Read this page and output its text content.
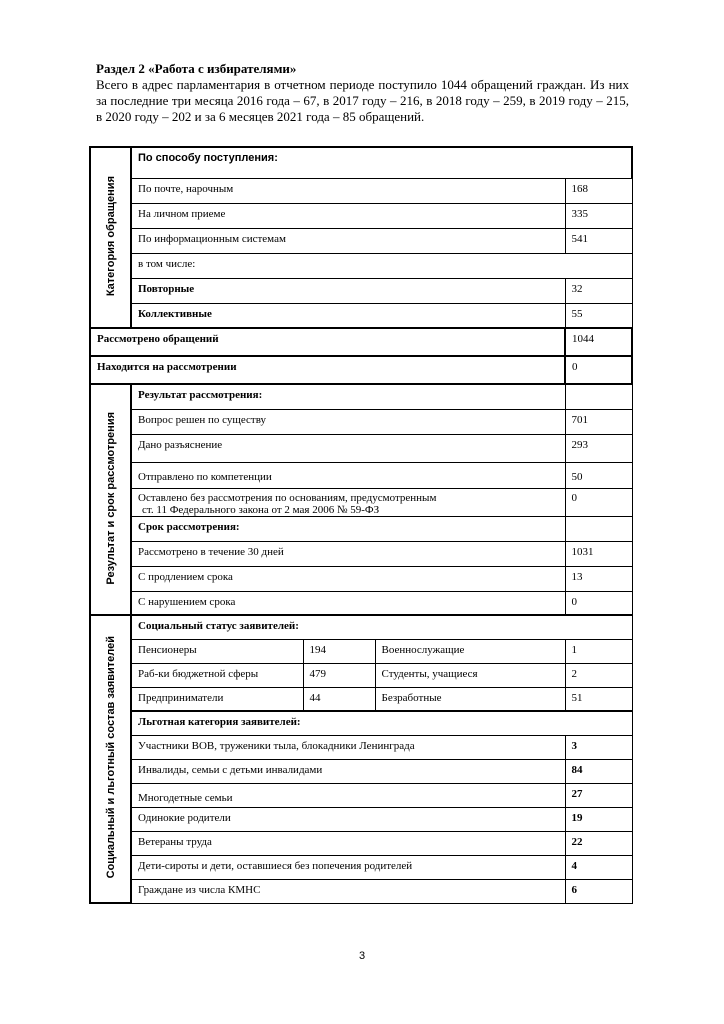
Раздел 2 «Работа с избирателями»
Всего в адрес парламентария в отчетном периоде поступило 1044 обращений граждан. Из них за последние три месяца 2016 года – 67, в 2017 году – 216, в 2018 году – 259, в 2019 году – 215, в 2020 году – 202 и за 6 месяцев 2021 года – 85 обращений.
Категория обращения	По способу поступления:			
	По почте, нарочным			168
	На личном приеме			335
	По информационным системам			541
	в том числе:			
	Повторные			32
	Коллективные			55
Рассмотрено обращений				1044
Находится на рассмотрении				0
Результат и срок рассмотрения	Результат рассмотрения:			
	Вопрос решен по существу			701
	Дано разъяснение			293
	Отправлено по компетенции			50

	Оставлено без рассмотрения по основаниям, предусмотренным
ст. 11 Федерального закона от 2 мая 2006 № 59-ФЗ			0
	Срок рассмотрения:			
	Рассмотрено в течение 30 дней			1031
	С продлением срока			13
	С нарушением срока			0
Социальный и льготный состав заявителей	Социальный статус заявителей:			
	Пенсионеры	194	Военнослужащие	1
	Раб-ки бюджетной сферы	479	Студенты, учащиеся	2
	Предприниматели	44	Безработные	51
	Льготная категория заявителей:			
	Участники ВОВ, труженики тыла, блокадники Ленинграда			3
	Инвалиды, семьи с детьми инвалидами			84
	Многодетные семьи			27
	Одинокие родители			19
	Ветераны труда			22
	Дети-сироты и дети, оставшиеся без попечения родителей			4
	Граждане из числа КМНС			6
3
